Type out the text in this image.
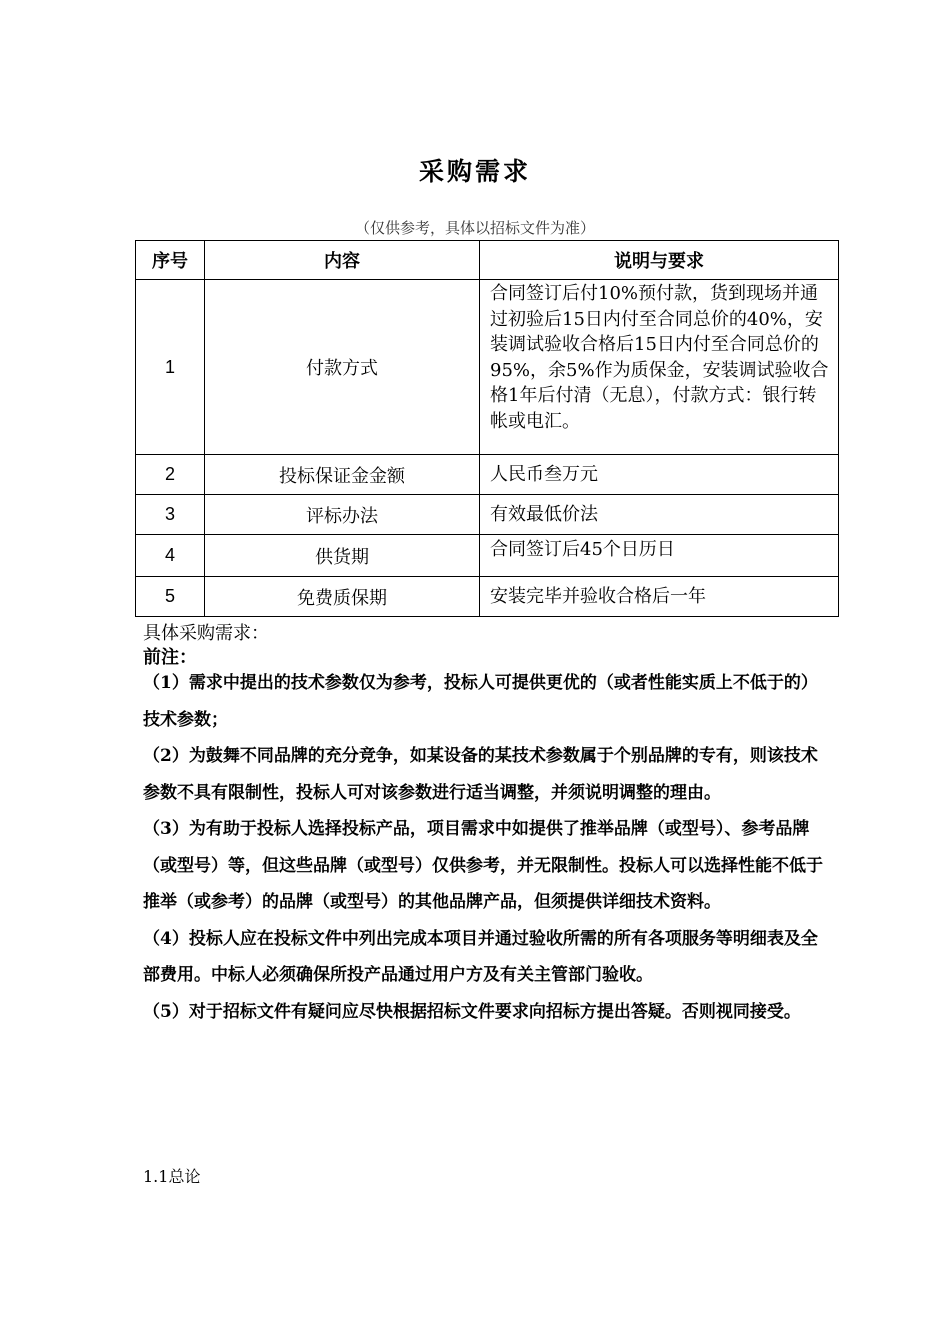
采购需求
（仅供参考，具体以招标文件为准）
序号	内容	说明与要求
1	付款方式	合同签订后付10%预付款，货到现场并通过初验后15日内付至合同总价的40%，安装调试验收合格后15日内付至合同总价的95%，余5%作为质保金，安装调试验收合格1年后付清（无息），付款方式：银行转帐或电汇。
2	投标保证金金额	人民币叁万元
3	评标办法	有效最低价法
4	供货期	合同签订后45个日历日
5	免费质保期	安装完毕并验收合格后一年
具体采购需求：
前注：

（1）需求中提出的技术参数仅为参考，投标人可提供更优的（或者性能实质上不低于的）技术参数；

（2）为鼓舞不同品牌的充分竞争，如某设备的某技术参数属于个别品牌的专有，则该技术参数不具有限制性，投标人可对该参数进行适当调整，并须说明调整的理由。

（3）为有助于投标人选择投标产品，项目需求中如提供了推举品牌（或型号）、参考品牌（或型号）等，但这些品牌（或型号）仅供参考，并无限制性。投标人可以选择性能不低于推举（或参考）的品牌（或型号）的其他品牌产品，但须提供详细技术资料。

（4）投标人应在投标文件中列出完成本项目并通过验收所需的所有各项服务等明细表及全部费用。中标人必须确保所投产品通过用户方及有关主管部门验收。

（5）对于招标文件有疑问应尽快根据招标文件要求向招标方提出答疑。否则视同接受。

1.1总论
